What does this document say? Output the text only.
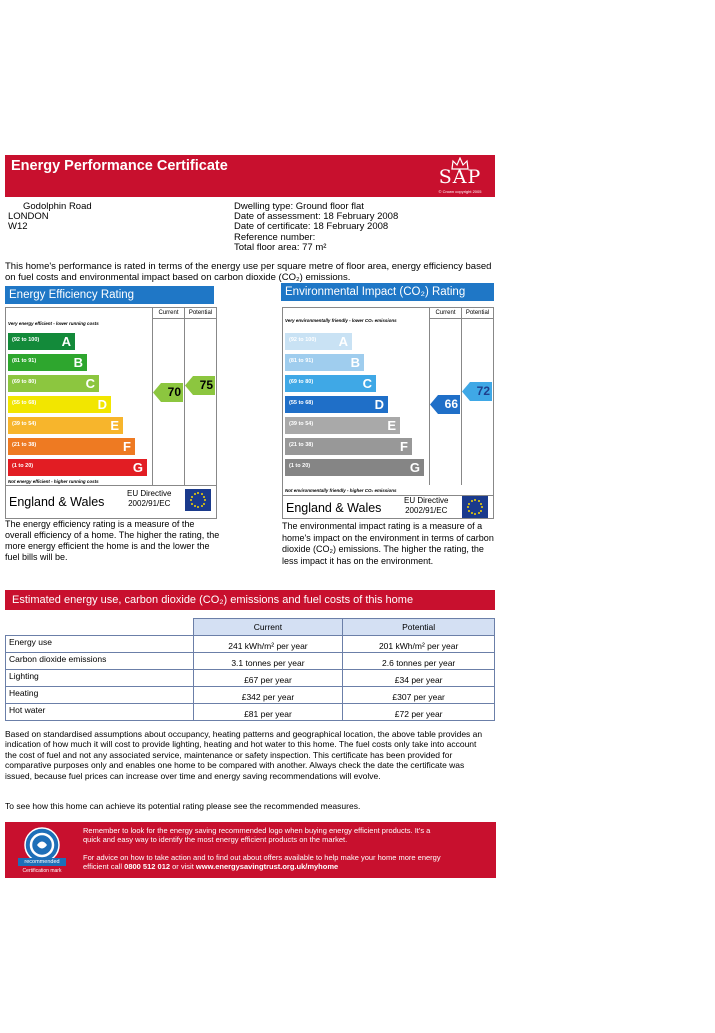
Energy Performance Certificate	SAP
© Crown copyright 2005
Godolphin Road
LONDON
W12
Dwelling type: Ground floor flat
Date of assessment: 18 February 2008
Date of certificate: 18 February 2008
Reference number:
Total floor area: 77 m²
This home's performance is rated in terms of the energy use per square metre of floor area, energy efficiency based on fuel costs and environmental impact based on carbon dioxide (CO₂) emissions.
Energy Efficiency Rating
Current	Potential
Very energy efficient - lower running costs
(92 to 100) A
(81 to 91)	B
(69 to 80)	C
(55 to 68)	D
(39 to 54)	E
(21 to 38)	F
(1 to 20)	G
70 75
Not energy efficient - higher running costs
England & Wales
EU Directive
2002/91/EC
The energy efficiency rating is a measure of the overall efficiency of a home. The higher the rating, the more energy efficient the home is and the lower the fuel bills will be.
Environmental Impact (CO₂) Rating
Current	Potential
Very environmentally friendly - lower CO₂ emissions
(92 to 100) A
(81 to 91)	B
(69 to 80)	C
(55 to 68)	D
(39 to 54)	E
(21 to 38)	F
(1 to 20)	G
66
72
Not environmentally friendly - higher CO₂ emissions
England & Wales
EU Directive
2002/91/EC
The environmental impact rating is a measure of a home's impact on the environment in terms of carbon dioxide (CO₂) emissions. The higher the rating, the less impact it has on the environment.
Estimated energy use, carbon dioxide (CO₂) emissions and fuel costs of this home
	Current	Potential
Energy use	241 kWh/m² per year	201 kWh/m² per year
Carbon dioxide emissions	3.1 tonnes per year	2.6 tonnes per year
Lighting	£67 per year	£34 per year
Heating	£342 per year	£307 per year
Hot water	£81 per year	£72 per year
Based on standardised assumptions about occupancy, heating patterns and geographical location, the above table provides an indication of how much it will cost to provide lighting, heating and hot water to this home. The fuel costs only take into account the cost of fuel and not any associated service, maintenance or safety inspection. This certificate has been provided for comparative purposes only and enables one home to be compared with another. Always check the date the certificate was issued, because fuel prices can increase over time and energy saving recommendations will evolve.
To see how this home can achieve its potential rating please see the recommended measures.
recommended
Certification mark
Remember to look for the energy saving recommended logo when buying energy efficient products. It's a quick and easy way to identify the most energy efficient products on the market.
For advice on how to take action and to find out about offers available to help make your home more energy efficient call 0800 512 012 or visit www.energysavingtrust.org.uk/myhome
